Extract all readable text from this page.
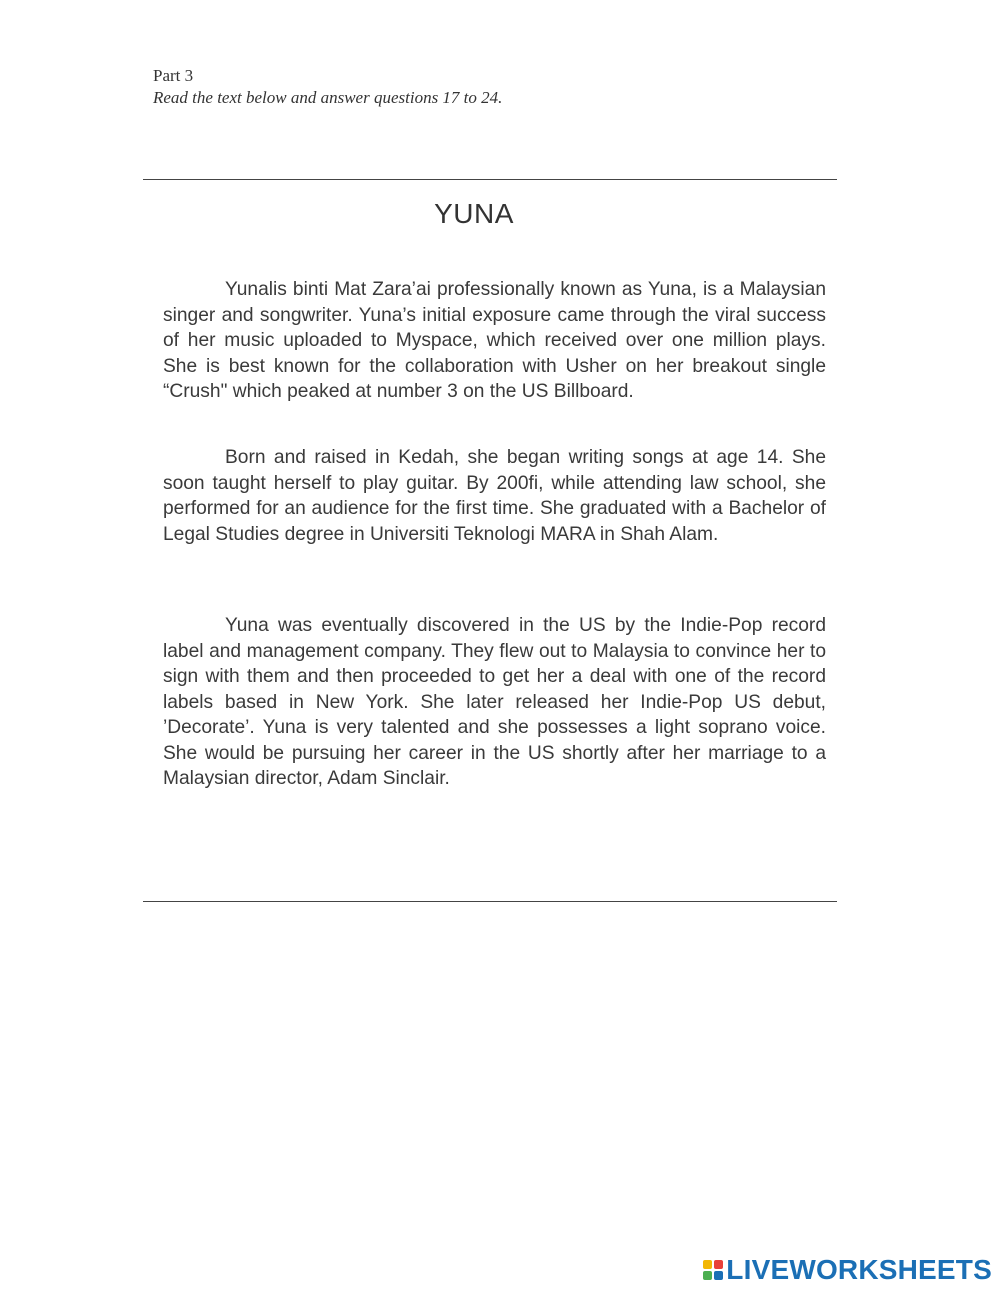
Part 3
Read the text below and answer questions 17 to 24.
YUNA

Yunalis binti Mat Zara’ai professionally known as Yuna, is a Malaysian singer and songwriter. Yuna’s initial exposure came through the viral success of her music uploaded to Myspace, which received over one million plays. She is best known for the collaboration with Usher on her breakout single “Crush" which peaked at number 3 on the US Billboard.

Born and raised in Kedah, she began writing songs at age 14. She soon taught herself to play guitar. By 200fi, while attending law school, she performed for an audience for the first time. She graduated with a Bachelor of Legal Studies degree in Universiti Teknologi MARA in Shah Alam.

Yuna was eventually discovered in the US by the Indie-Pop record label and management company. They flew out to Malaysia to convince her to sign with them and then proceeded to get her a deal with one of the record labels based in New York. She later released her Indie-Pop US debut, ’Decorate’. Yuna is very talented and she possesses a light soprano voice. She would be pursuing her career in the US shortly after her marriage to a Malaysian director, Adam Sinclair.

LIVEWORKSHEETS
